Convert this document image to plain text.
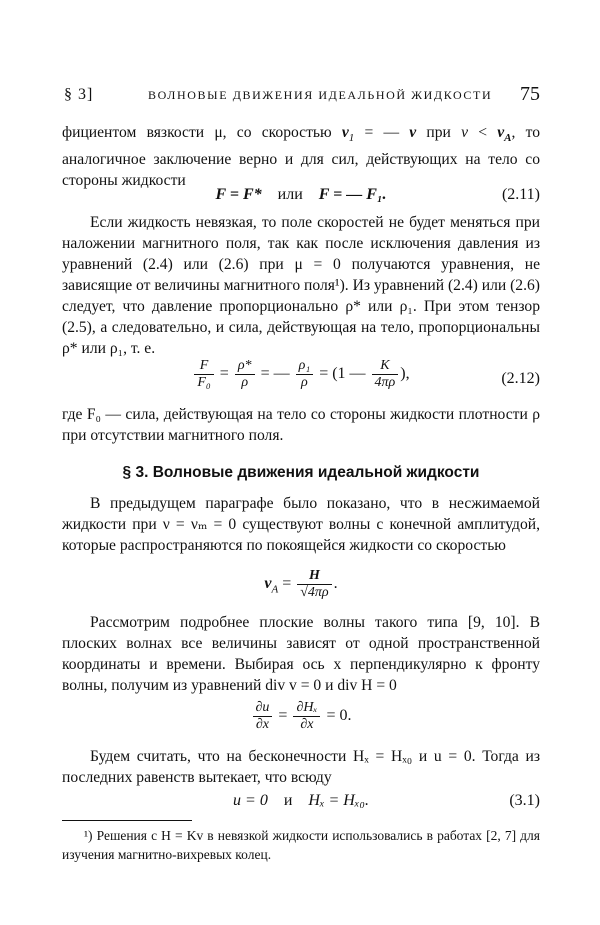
§ 3]	ВОЛНОВЫЕ ДВИЖЕНИЯ ИДЕАЛЬНОЙ ЖИДКОСТИ 75

фициентом вязкости μ, со скоростью $v_1$ = — v при $v < v_A$, то аналогичное заключение верно и для сил, действующих на тело со стороны жидкости

F = F* или F = — F₁.	(2.11)

Если жидкость невязкая, то поле скоростей не будет меняться при наложении магнитного поля, так как после исключения давления из уравнений (2.4) или (2.6) при μ = 0 получаются уравнения, не зависящие от величины магнитного поля¹). Из уравнений (2.4) или (2.6) следует, что давление пропорционально ρ* или ρ₁. При этом тензор (2.5), а следовательно, и сила, действующая на тело, пропорциональны ρ* или ρ₁, т. е.

$\frac{F}{\text{F₀}} = \frac{\rho*}{\rho}$ = — $\frac{\text{ρ₁}}{\rho} = (1$ — $\frac{K}{4\pi\rho}$ ),	(2.12)

где F₀ — сила, действующая на тело со стороны жидкости плотности ρ при отсутствии магнитного поля.

§ 3. Волновые движения идеальной жидкости

В предыдущем параграфе было показано, что в несжимаемой жидкости при ν = νₘ = 0 существуют волны с конечной амплитудой, которые распространяются по покоящейся жидкости со скоростью

$v_A = \frac{H}{√4\pi\rho}$ .

Рассмотрим подробнее плоские волны такого типа [9, 10]. В плоских волнах все величины зависят от одной пространственной координаты и времени. Выбирая ось x перпендикулярно к фронту волны, получим из уравнений div v = 0 и div H = 0

$\frac{\partial u}{\partial x} = \frac{\text{∂Hₓ}}{\partial x} = 0$.

Будем считать, что на бесконечности Hₓ = Hₓ₀ и u = 0. Тогда из последних равенств вытекает, что всюду

u = 0 и Hₓ = Hₓ₀.	(3.1)

¹) Решения с H = Kv в невязкой жидкости использовались в работах [2, 7] для изучения магнитно-вихревых колец.
